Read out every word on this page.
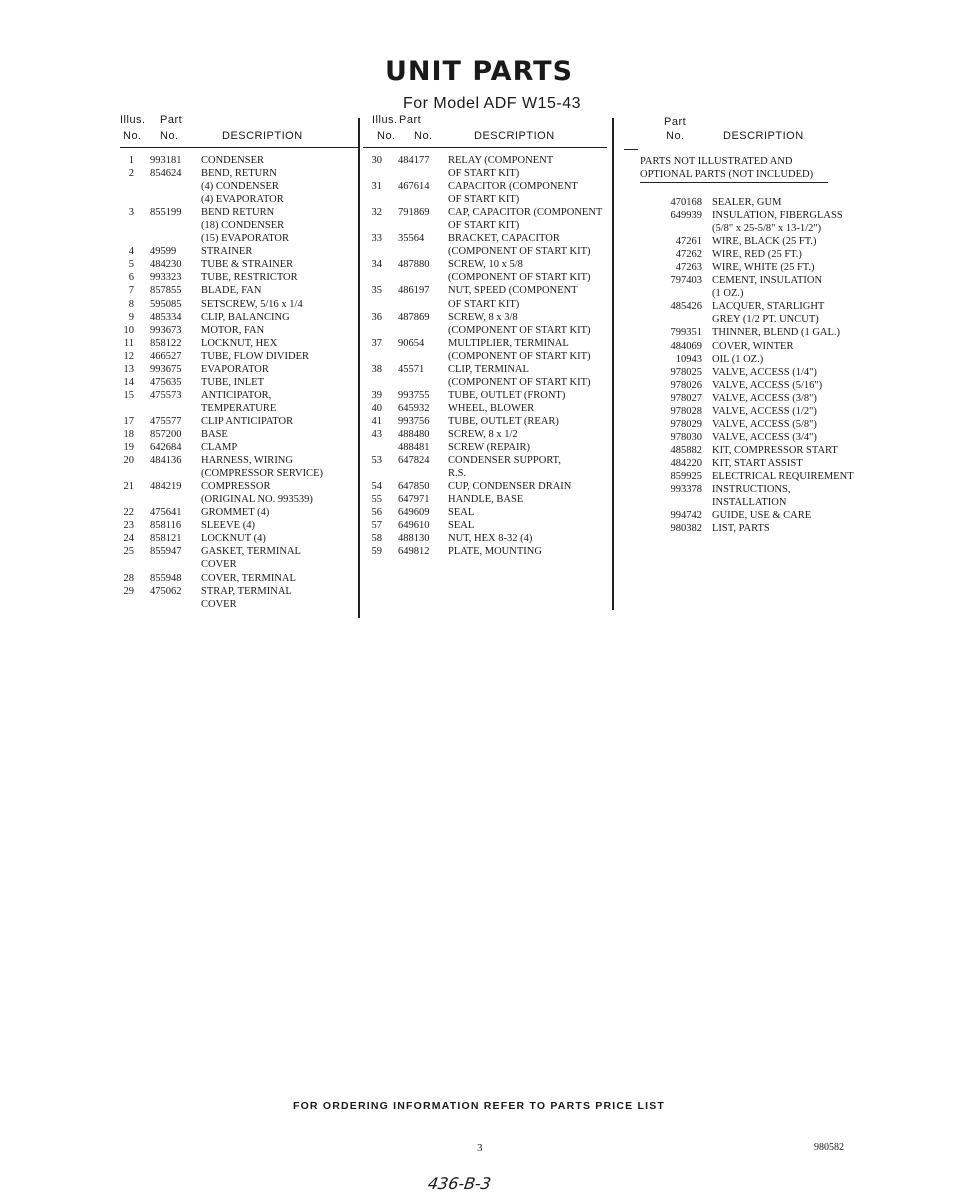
UNIT PARTS
For Model ADF W15-43
Illus. Part
No. No.	DESCRIPTION
1 993181 CONDENSER
2 854624 BEND, RETURN
(4) CONDENSER
(4) EVAPORATOR
3 855199 BEND RETURN
(18) CONDENSER
(15) EVAPORATOR
4 49599 STRAINER
5 484230 TUBE & STRAINER
6 993323 TUBE, RESTRICTOR
7 857855 BLADE, FAN
8 595085 SETSCREW, 5/16 x 1/4
9 485334 CLIP, BALANCING
10 993673 MOTOR, FAN
11 858122 LOCKNUT, HEX
12 466527 TUBE, FLOW DIVIDER
13 993675 EVAPORATOR
14 475635 TUBE, INLET
15 475573 ANTICIPATOR,
TEMPERATURE
17 475577 CLIP ANTICIPATOR
18 857200 BASE
19 642684 CLAMP
20 484136 HARNESS, WIRING
(COMPRESSOR SERVICE)
21 484219 COMPRESSOR
(ORIGINAL NO. 993539)
22 475641 GROMMET (4)
23 858116 SLEEVE (4)
24 858121 LOCKNUT (4)
25 855947 GASKET, TERMINAL
COVER
28 855948 COVER, TERMINAL
29 475062 STRAP, TERMINAL
COVER
Illus. Part
No. No.	DESCRIPTION
30 484177 RELAY (COMPONENT
OF START KIT)
31 467614 CAPACITOR (COMPONENT
OF START KIT)
32 791869 CAP, CAPACITOR (COMPONENT
OF START KIT)
33 35564 BRACKET, CAPACITOR
(COMPONENT OF START KIT)
34 487880 SCREW, 10 x 5/8
(COMPONENT OF START KIT)
35 486197 NUT, SPEED (COMPONENT
OF START KIT)
36 487869 SCREW, 8 x 3/8
(COMPONENT OF START KIT)
37 90654 MULTIPLIER, TERMINAL
(COMPONENT OF START KIT)
38 45571 CLIP, TERMINAL
(COMPONENT OF START KIT)
39 993755 TUBE, OUTLET (FRONT)
40 645932 WHEEL, BLOWER
41 993756 TUBE, OUTLET (REAR)
43 488480 SCREW, 8 x 1/2
488481 SCREW (REPAIR)
53 647824 CONDENSER SUPPORT,
R.S.
54 647850 CUP, CONDENSER DRAIN
55 647971 HANDLE, BASE
56 649609 SEAL
57 649610 SEAL
58 488130 NUT, HEX 8-32 (4)
59 649812 PLATE, MOUNTING
Part
No.	DESCRIPTION
PARTS NOT ILLUSTRATED AND
OPTIONAL PARTS (NOT INCLUDED)
470168 SEALER, GUM
649939 INSULATION, FIBERGLASS
(5/8" x 25-5/8" x 13-1/2")
47261 WIRE, BLACK (25 FT.)
47262 WIRE, RED (25 FT.)
47263 WIRE, WHITE (25 FT.)
797403 CEMENT, INSULATION
(1 OZ.)
485426 LACQUER, STARLIGHT
GREY (1/2 PT. UNCUT)
799351 THINNER, BLEND (1 GAL.)
484069 COVER, WINTER
10943 OIL (1 OZ.)
978025 VALVE, ACCESS (1/4")
978026 VALVE, ACCESS (5/16")
978027 VALVE, ACCESS (3/8")
978028 VALVE, ACCESS (1/2")
978029 VALVE, ACCESS (5/8")
978030 VALVE, ACCESS (3/4")
485882 KIT, COMPRESSOR START
484220 KIT, START ASSIST
859925 ELECTRICAL REQUIREMENT
993378 INSTRUCTIONS,
INSTALLATION
994742 GUIDE, USE & CARE
980382 LIST, PARTS
FOR ORDERING INFORMATION REFER TO PARTS PRICE LIST
3	980582
436-B-3
